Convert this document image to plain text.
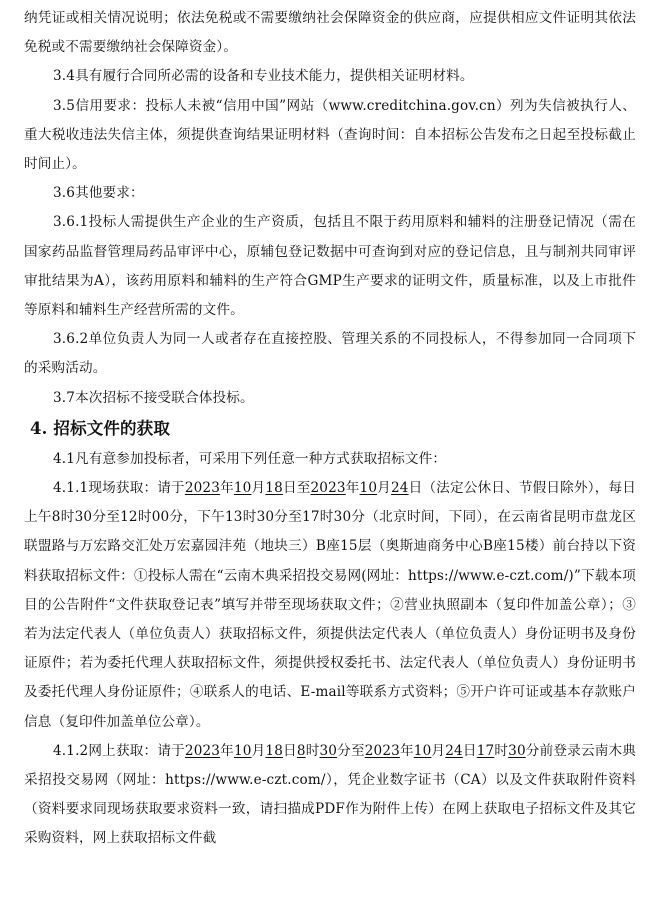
纳凭证或相关情况说明；依法免税或不需要缴纳社会保障资金的供应商，应提供相应文件证明其依法免税或不需要缴纳社会保障资金）。

3.4具有履行合同所必需的设备和专业技术能力，提供相关证明材料。

3.5信用要求：投标人未被“信用中国”网站（www.creditchina.gov.cn）列为失信被执行人、重大税收违法失信主体，须提供查询结果证明材料（查询时间：自本招标公告发布之日起至投标截止时间止）。

3.6其他要求：

3.6.1投标人需提供生产企业的生产资质，包括且不限于药用原料和辅料的注册登记情况（需在国家药品监督管理局药品审评中心，原辅包登记数据中可查询到对应的登记信息，且与制剂共同审评审批结果为A），该药用原料和辅料的生产符合GMP生产要求的证明文件，质量标准，以及上市批件等原料和辅料生产经营所需的文件。

3.6.2单位负责人为同一人或者存在直接控股、管理关系的不同投标人，不得参加同一合同项下的采购活动。

3.7本次招标不接受联合体投标。

4. 招标文件的获取

4.1凡有意参加投标者，可采用下列任意一种方式获取招标文件：

4.1.1现场获取：请于2023年10月18日至2023年10月24日（法定公休日、节假日除外），每日上午8时30分至12时00分，下午13时30分至17时30分（北京时间，下同），在云南省昆明市盘龙区联盟路与万宏路交汇处万宏嘉园沣苑（地块三）B座15层（奥斯迪商务中心B座15楼）前台持以下资料获取招标文件：①投标人需在“云南木典采招投交易网(网址：https://www.e-czt.com/)”下载本项目的公告附件“文件获取登记表”填写并带至现场获取文件；②营业执照副本（复印件加盖公章）；③若为法定代表人（单位负责人）获取招标文件，须提供法定代表人（单位负责人）身份证明书及身份证原件；若为委托代理人获取招标文件，须提供授权委托书、法定代表人（单位负责人）身份证明书及委托代理人身份证原件；④联系人的电话、E-mail等联系方式资料；⑤开户许可证或基本存款账户信息（复印件加盖单位公章）。

4.1.2网上获取：请于2023年10月18日8时30分至2023年10月24日17时30分前登录云南木典采招投交易网（网址：https://www.e-czt.com/），凭企业数字证书（CA）以及文件获取附件资料（资料要求同现场获取要求资料一致，请扫描成PDF作为附件上传）在网上获取电子招标文件及其它采购资料，网上获取招标文件截
